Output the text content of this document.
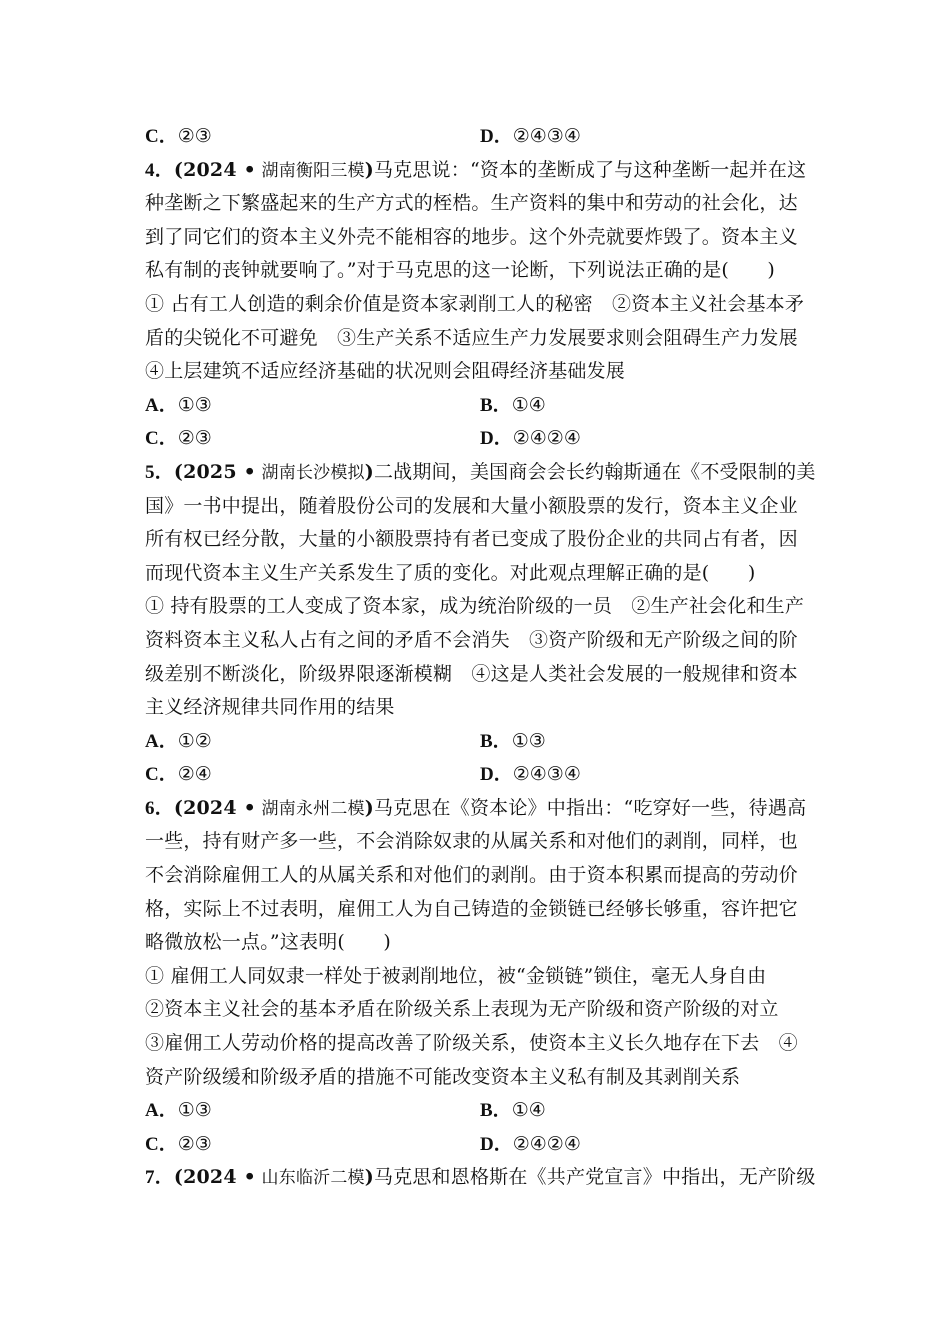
C．②③	D．②④③④
4．(2024 • 湖南衡阳三模)马克思说：“资本的垄断成了与这种垄断一起并在这
种垄断之下繁盛起来的生产方式的桎梏。生产资料的集中和劳动的社会化，达
到了同它们的资本主义外壳不能相容的地步。这个外壳就要炸毁了。资本主义
私有制的丧钟就要响了。”对于马克思的这一论断，下列说法正确的是(　　)
① 占有工人创造的剩余价值是资本家剥削工人的秘密　②资本主义社会基本矛
盾的尖锐化不可避免　③生产关系不适应生产力发展要求则会阻碍生产力发展
④上层建筑不适应经济基础的状况则会阻碍经济基础发展
A．①③	B．①④
C．②③	D．②④②④
5．(2025 • 湖南长沙模拟)二战期间，美国商会会长约翰斯通在《不受限制的美
国》一书中提出，随着股份公司的发展和大量小额股票的发行，资本主义企业
所有权已经分散，大量的小额股票持有者已变成了股份企业的共同占有者，因
而现代资本主义生产关系发生了质的变化。对此观点理解正确的是(　　)
① 持有股票的工人变成了资本家，成为统治阶级的一员　②生产社会化和生产
资料资本主义私人占有之间的矛盾不会消失　③资产阶级和无产阶级之间的阶
级差别不断淡化，阶级界限逐渐模糊　④这是人类社会发展的一般规律和资本
主义经济规律共同作用的结果
A．①②	B．①③
C．②④	D．②④③④
6．(2024 • 湖南永州二模)马克思在《资本论》中指出：“吃穿好一些，待遇高
一些，持有财产多一些，不会消除奴隶的从属关系和对他们的剥削，同样，也
不会消除雇佣工人的从属关系和对他们的剥削。由于资本积累而提高的劳动价
格，实际上不过表明，雇佣工人为自己铸造的金锁链已经够长够重，容许把它
略微放松一点。”这表明(　　)
① 雇佣工人同奴隶一样处于被剥削地位，被“金锁链”锁住，毫无人身自由
②资本主义社会的基本矛盾在阶级关系上表现为无产阶级和资产阶级的对立
③雇佣工人劳动价格的提高改善了阶级关系，使资本主义长久地存在下去　④
资产阶级缓和阶级矛盾的措施不可能改变资本主义私有制及其剥削关系
A．①③	B．①④
C．②③	D．②④②④
7．(2024 • 山东临沂二模)马克思和恩格斯在《共产党宣言》中指出，无产阶级
